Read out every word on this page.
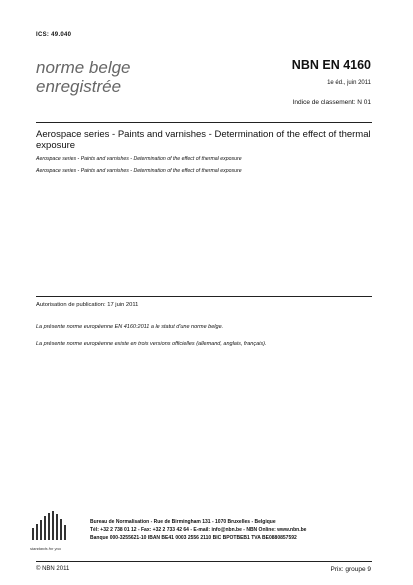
ICS: 49.040
norme belge
enregistrée
NBN EN 4160
1e éd., juin 2011
Indice de classement: N 01
Aerospace series - Paints and varnishes - Determination of the effect of thermal exposure
Aerospace series - Paints and varnishes - Determination of the effect of thermal exposure
Aerospace series - Paints and varnishes - Determination of the effect of thermal exposure
Autorisation de publication: 17 juin 2011
La présente norme européenne EN 4160:2011 a le statut d'une norme belge.
La présente norme européenne existe en trois versions officielles (allemand, anglais, français).
standards for you
Bureau de Normalisation - Rue de Birmingham 131 - 1070 Bruxelles - Belgique
Tél: +32 2 738 01 12 - Fax: +32 2 733 42 64 - E-mail: info@nbn.be - NBN Online: www.nbn.be
Banque 000-3255621-10 IBAN BE41 0003 2556 2110 BIC BPOTBEB1 TVA BE0880857592
© NBN 2011	Prix: groupe 9
